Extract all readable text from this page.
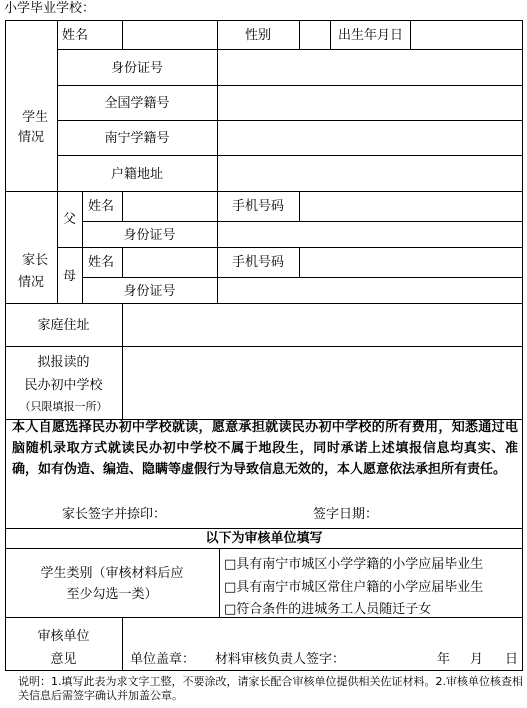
小学毕业学校：

学生
情况

姓名	性别	出生年月日
身份证号
全国学籍号
南宁学籍号
户籍地址

家长
情况

父
姓名	手机号码
身份证号
母
姓名	手机号码
身份证号
家庭住址
拟报读的
民办初中学校
（只限填报一所）
本人自愿选择民办初中学校就读，愿意承担就读民办初中学校的所有费用，知悉通过电脑随机录取方式就读民办初中学校不属于地段生，同时承诺上述填报信息均真实、准确，如有伪造、编造、隐瞒等虚假行为导致信息无效的，本人愿意依法承担所有责任。
家长签字并捺印：	签字日期：
以下为审核单位填写
学生类别（审核材料后应
至少勾选一类）
□具有南宁市城区小学学籍的小学应届毕业生
□具有南宁市城区常住户籍的小学应届毕业生
□符合条件的进城务工人员随迁子女
审核单位
意见	单位盖章： 材料审核负责人签字：	年 月 日
说明：1.填写此表为求文字工整，不要涂改，请家长配合审核单位提供相关佐证材料。2.审核单位核查相关信息后需签字确认并加盖公章。
